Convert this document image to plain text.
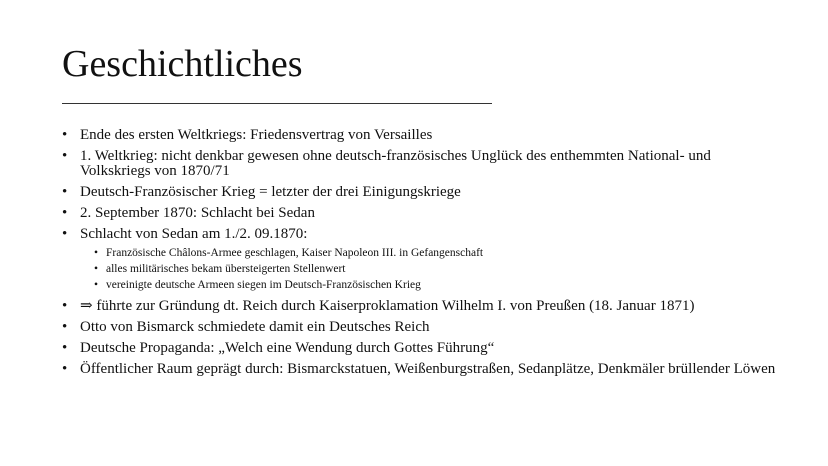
Geschichtliches
• Ende des ersten Weltkriegs: Friedensvertrag von Versailles
• 1. Weltkrieg: nicht denkbar gewesen ohne deutsch-französisches Unglück des enthemmten National- und Volkskriegs von 1870/71
• Deutsch-Französischer Krieg = letzter der drei Einigungskriege
• 2. September 1870: Schlacht bei Sedan
• Schlacht von Sedan am 1./2. 09.1870:
• Französische Châlons-Armee geschlagen, Kaiser Napoleon III. in Gefangenschaft
• alles militärisches bekam übersteigerten Stellenwert
• vereinigte deutsche Armeen siegen im Deutsch-Französischen Krieg
• ⇒ führte zur Gründung dt. Reich durch Kaiserproklamation Wilhelm I. von Preußen (18. Januar 1871)
• Otto von Bismarck schmiedete damit ein Deutsches Reich
• Deutsche Propaganda: „Welch eine Wendung durch Gottes Führung“
• Öffentlicher Raum geprägt durch: Bismarckstatuen, Weißenburgstraßen, Sedanplätze, Denkmäler brüllender Löwen
